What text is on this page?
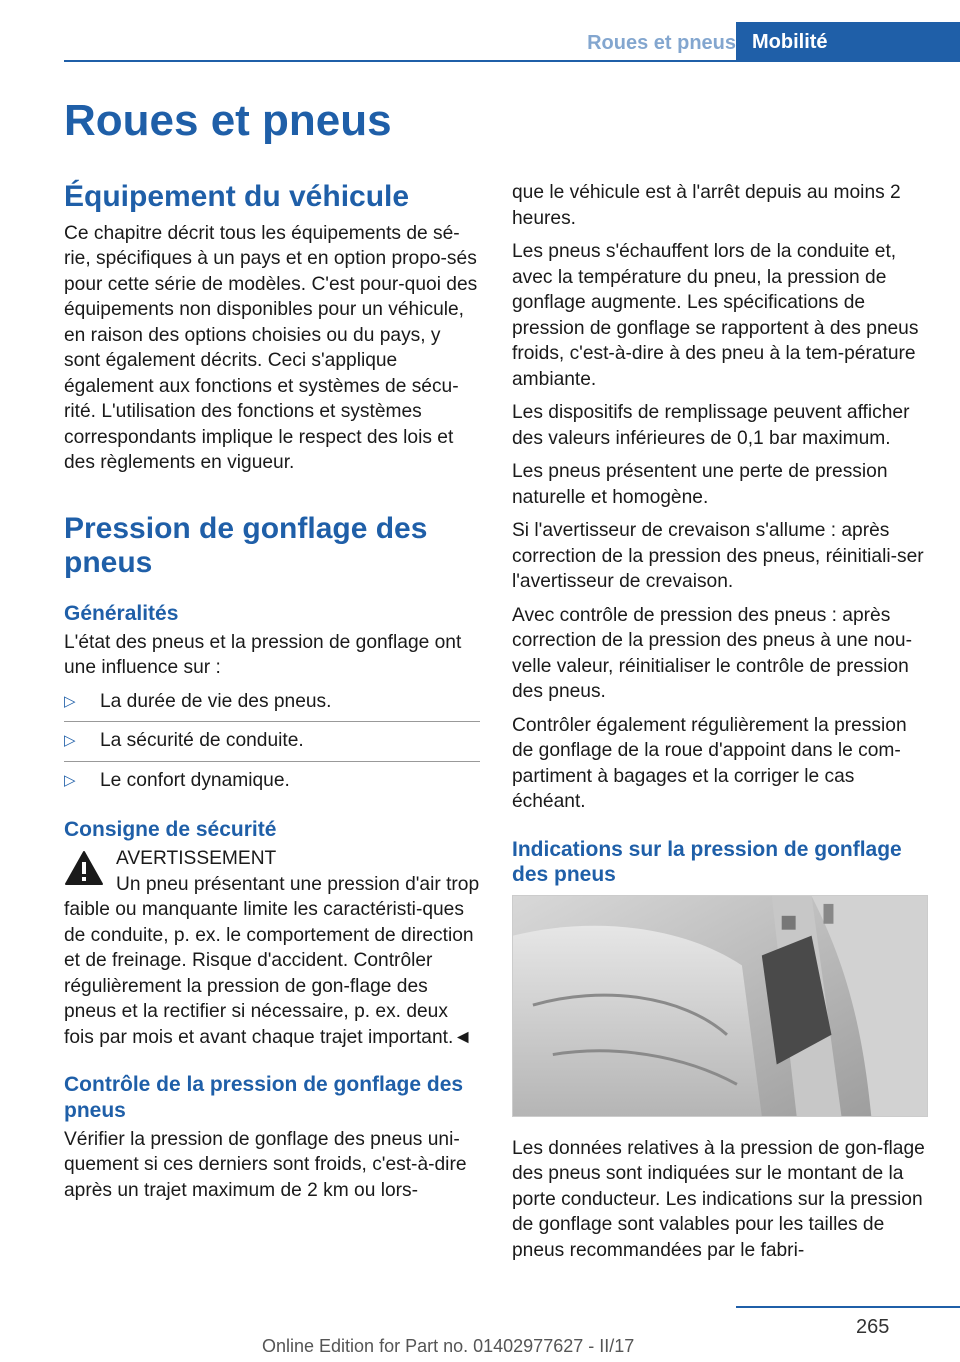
Roues et pneus Mobilité
Roues et pneus
Équipement du véhicule

Ce chapitre décrit tous les équipements de sé-rie, spécifiques à un pays et en option propo-sés pour cette série de modèles. C'est pour-quoi des équipements non disponibles pour un véhicule, en raison des options choisies ou du pays, y sont également décrits. Ceci s'applique également aux fonctions et systèmes de sécu-rité. L'utilisation des fonctions et systèmes correspondants implique le respect des lois et des règlements en vigueur.

Pression de gonflage des pneus
Généralités

L'état des pneus et la pression de gonflage ont une influence sur :

▷ La durée de vie des pneus.
▷ La sécurité de conduite.
▷ Le confort dynamique.
Consigne de sécurité

AVERTISSEMENT

Un pneu présentant une pression d'air trop faible ou manquante limite les caractéristi-ques de conduite, p. ex. le comportement de direction et de freinage. Risque d'accident. Contrôler régulièrement la pression de gon-flage des pneus et la rectifier si nécessaire, p. ex. deux fois par mois et avant chaque trajet important.◄

Contrôle de la pression de gonflage des pneus

Vérifier la pression de gonflage des pneus uni-quement si ces derniers sont froids, c'est-à-dire après un trajet maximum de 2 km ou lors-

que le véhicule est à l'arrêt depuis au moins 2 heures.

Les pneus s'échauffent lors de la conduite et, avec la température du pneu, la pression de gonflage augmente. Les spécifications de pression de gonflage se rapportent à des pneus froids, c'est-à-dire à des pneu à la tem-pérature ambiante.

Les dispositifs de remplissage peuvent afficher des valeurs inférieures de 0,1 bar maximum.

Les pneus présentent une perte de pression naturelle et homogène.

Si l'avertisseur de crevaison s'allume : après correction de la pression des pneus, réinitiali-ser l'avertisseur de crevaison.

Avec contrôle de pression des pneus : après correction de la pression des pneus à une nou-velle valeur, réinitialiser le contrôle de pression des pneus.

Contrôler également régulièrement la pression de gonflage de la roue d'appoint dans le com-partiment à bagages et la corriger le cas échéant.

Indications sur la pression de gonflage des pneus

Les données relatives à la pression de gon-flage des pneus sont indiquées sur le montant de la porte conducteur. Les indications sur la pression de gonflage sont valables pour les tailles de pneus recommandées par le fabri-

265
Online Edition for Part no. 01402977627 - II/17
